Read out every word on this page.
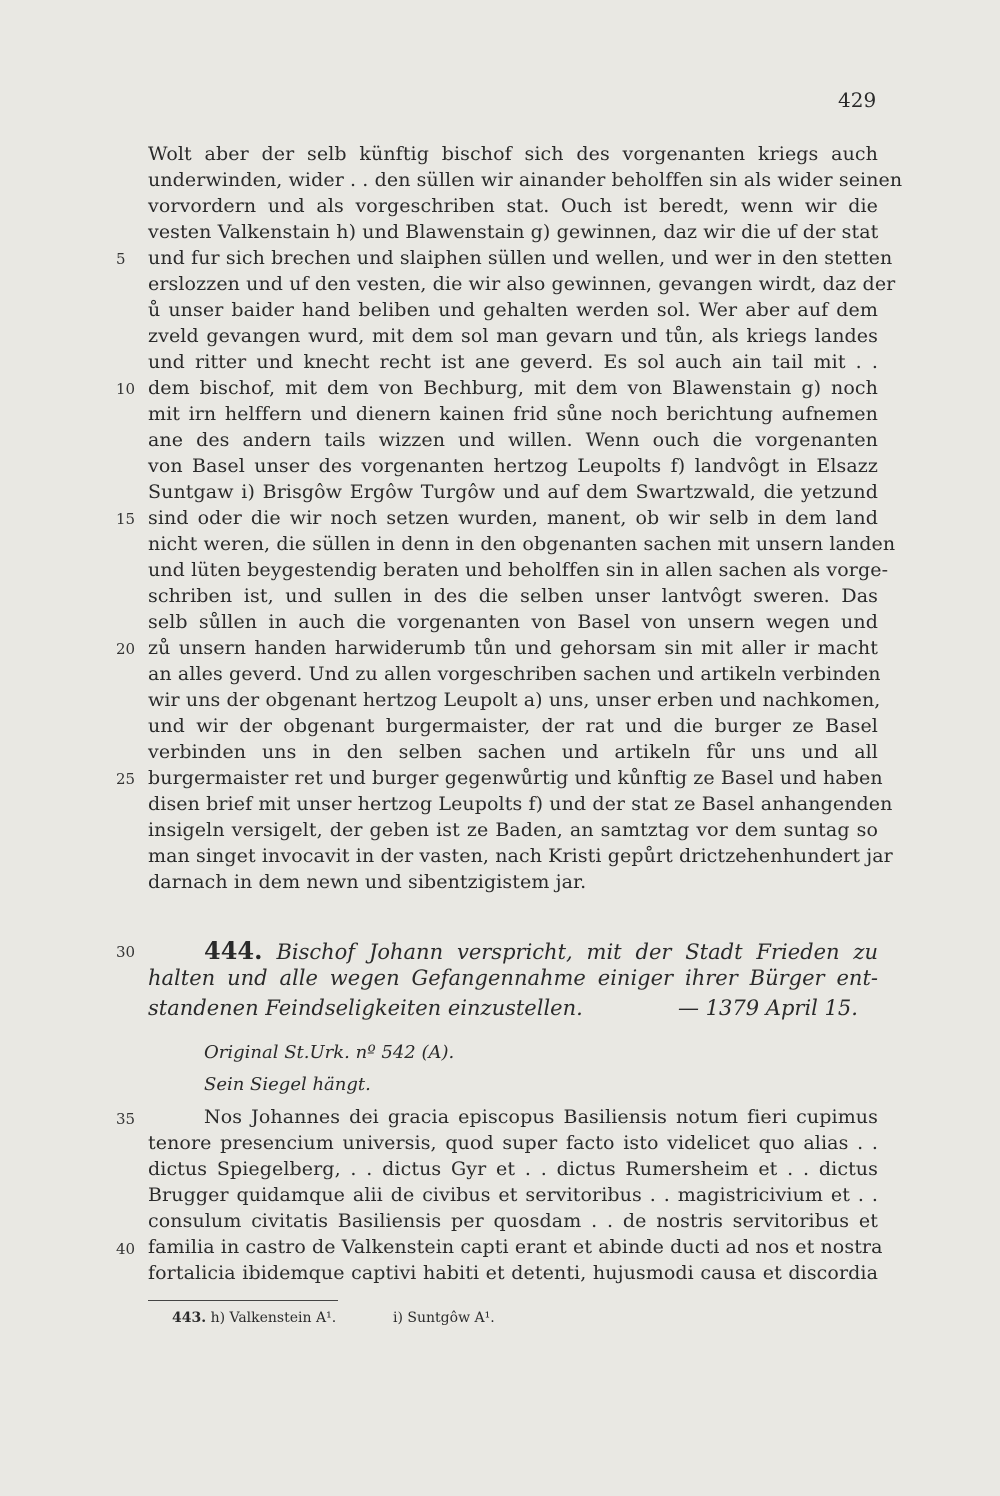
429
Wolt aber der selb künftig bischof sich des vorgenanten kriegs auch
underwinden, wider . . den süllen wir ainander beholffen sin als wider seinen
vorvordern und als vorgeschriben stat. Ouch ist beredt, wenn wir die
vesten Valkenstain h) und Blawenstain g) gewinnen, daz wir die uf der stat
und fur sich brechen und slaiphen süllen und wellen, und wer in den stetten
erslozzen und uf den vesten, die wir also gewinnen, gevangen wirdt, daz der
ů unser baider hand beliben und gehalten werden sol. Wer aber auf dem
zveld gevangen wurd, mit dem sol man gevarn und tůn, als kriegs landes
und ritter und knecht recht ist ane geverd. Es sol auch ain tail mit . .
dem bischof, mit dem von Bechburg, mit dem von Blawenstain g) noch
mit irn helffern und dienern kainen frid sůne noch berichtung aufnemen
ane des andern tails wizzen und willen. Wenn ouch die vorgenanten
von Basel unser des vorgenanten hertzog Leupolts f) landvôgt in Elsazz
Suntgaw i) Brisgôw Ergôw Turgôw und auf dem Swartzwald, die yetzund
sind oder die wir noch setzen wurden, manent, ob wir selb in dem land
nicht weren, die süllen in denn in den obgenanten sachen mit unsern landen
und lüten beygestendig beraten und beholffen sin in allen sachen als vorge-
schriben ist, und sullen in des die selben unser lantvôgt sweren. Das
selb sůllen in auch die vorgenanten von Basel von unsern wegen und
zů unsern handen harwiderumb tůn und gehorsam sin mit aller ir macht
an alles geverd. Und zu allen vorgeschriben sachen und artikeln verbinden
wir uns der obgenant hertzog Leupolt a) uns, unser erben und nachkomen,
und wir der obgenant burgermaister, der rat und die burger ze Basel
verbinden uns in den selben sachen und artikeln fůr uns und all
burgermaister ret und burger gegenwůrtig und kůnftig ze Basel und haben
disen brief mit unser hertzog Leupolts f) und der stat ze Basel anhangenden
insigeln versigelt, der geben ist ze Baden, an samtztag vor dem suntag so
man singet invocavit in der vasten, nach Kristi gepůrt drictzehenhundert jar
darnach in dem newn und sibentzigistem jar.
5
10
15
20
25
30
35
40
444. Bischof Johann verspricht, mit der Stadt Frieden zu
halten und alle wegen Gefangennahme einiger ihrer Bürger ent-
standenen Feindseligkeiten einzustellen.	— 1379 April 15.
Original St.Urk. nº 542 (A).
Sein Siegel hängt.
Nos Johannes dei gracia episcopus Basiliensis notum fieri cupimus
tenore presencium universis, quod super facto isto videlicet quo alias . .
dictus Spiegelberg, . . dictus Gyr et . . dictus Rumersheim et . . dictus
Brugger quidamque alii de civibus et servitoribus . . magistricivium et . .
consulum civitatis Basiliensis per quosdam . . de nostris servitoribus et
familia in castro de Valkenstein capti erant et abinde ducti ad nos et nostra
fortalicia ibidemque captivi habiti et detenti, hujusmodi causa et discordia
443. h) Valkenstein A¹.	i) Suntgôw A¹.
